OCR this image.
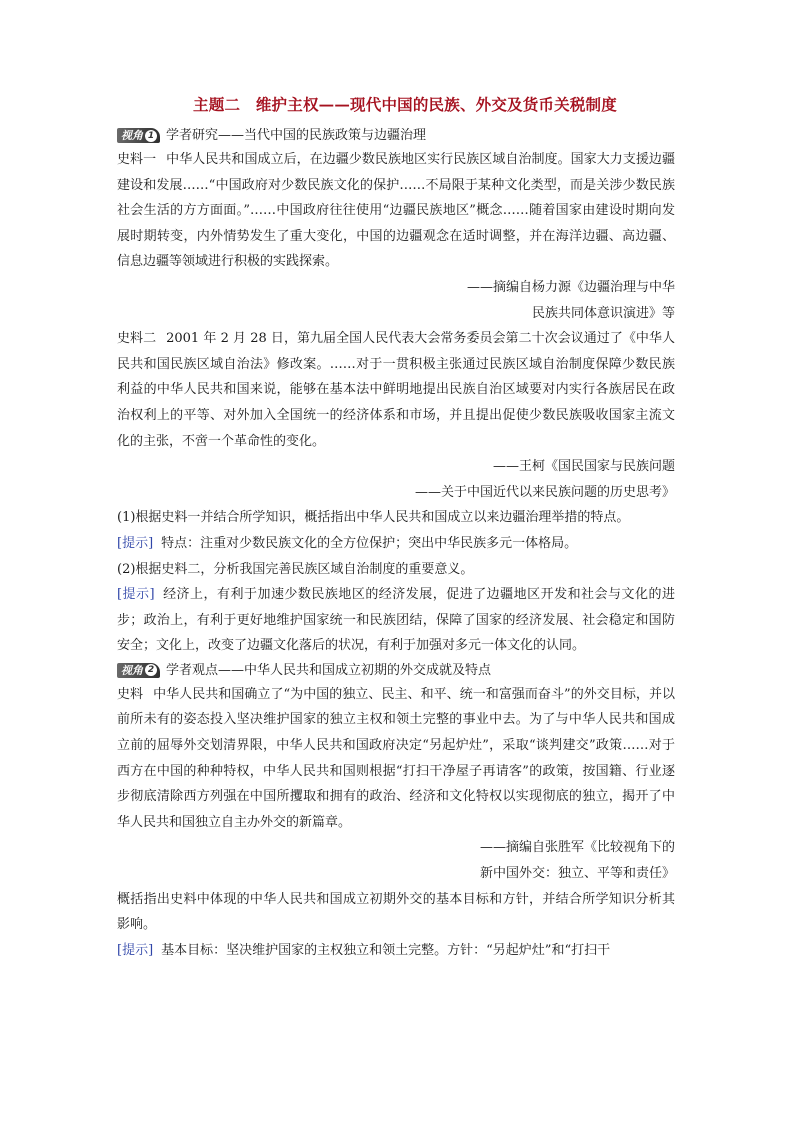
主题二　维护主权——现代中国的民族、外交及货币关税制度
视角 1 学者研究——当代中国的民族政策与边疆治理

史料一 中华人民共和国成立后，在边疆少数民族地区实行民族区域自治制度。国家大力支援边疆建设和发展……“中国政府对少数民族文化的保护……不局限于某种文化类型，而是关涉少数民族社会生活的方方面面。”……中国政府往往使用“边疆民族地区”概念……随着国家由建设时期向发展时期转变，内外情势发生了重大变化，中国的边疆观念在适时调整，并在海洋边疆、高边疆、信息边疆等领域进行积极的实践探索。

——摘编自杨力源《边疆治理与中华

民族共同体意识演进》等

史料二 2001 年 2 月 28 日，第九届全国人民代表大会常务委员会第二十次会议通过了《中华人民共和国民族区域自治法》修改案。……对于一贯积极主张通过民族区域自治制度保障少数民族利益的中华人民共和国来说，能够在基本法中鲜明地提出民族自治区域要对内实行各族居民在政治权利上的平等、对外加入全国统一的经济体系和市场，并且提出促使少数民族吸收国家主流文化的主张，不啻一个革命性的变化。

——王柯《国民国家与民族问题

——关于中国近代以来民族问题的历史思考》

(1)根据史料一并结合所学知识，概括指出中华人民共和国成立以来边疆治理举措的特点。

[提示] 特点：注重对少数民族文化的全方位保护；突出中华民族多元一体格局。

(2)根据史料二，分析我国完善民族区域自治制度的重要意义。

[提示] 经济上，有利于加速少数民族地区的经济发展，促进了边疆地区开发和社会与文化的进步；政治上，有利于更好地维护国家统一和民族团结，保障了国家的经济发展、社会稳定和国防安全；文化上，改变了边疆文化落后的状况，有利于加强对多元一体文化的认同。

视角 2 学者观点——中华人民共和国成立初期的外交成就及特点

史料 中华人民共和国确立了“为中国的独立、民主、和平、统一和富强而奋斗”的外交目标，并以前所未有的姿态投入坚决维护国家的独立主权和领土完整的事业中去。为了与中华人民共和国成立前的屈辱外交划清界限，中华人民共和国政府决定“另起炉灶”，采取“谈判建交”政策……对于西方在中国的种种特权，中华人民共和国则根据“打扫干净屋子再请客”的政策，按国籍、行业逐步彻底清除西方列强在中国所攫取和拥有的政治、经济和文化特权以实现彻底的独立，揭开了中华人民共和国独立自主办外交的新篇章。

——摘编自张胜军《比较视角下的

新中国外交：独立、平等和责任》

概括指出史料中体现的中华人民共和国成立初期外交的基本目标和方针，并结合所学知识分析其影响。

[提示] 基本目标：坚决维护国家的主权独立和领土完整。方针：“另起炉灶”和“打扫干
